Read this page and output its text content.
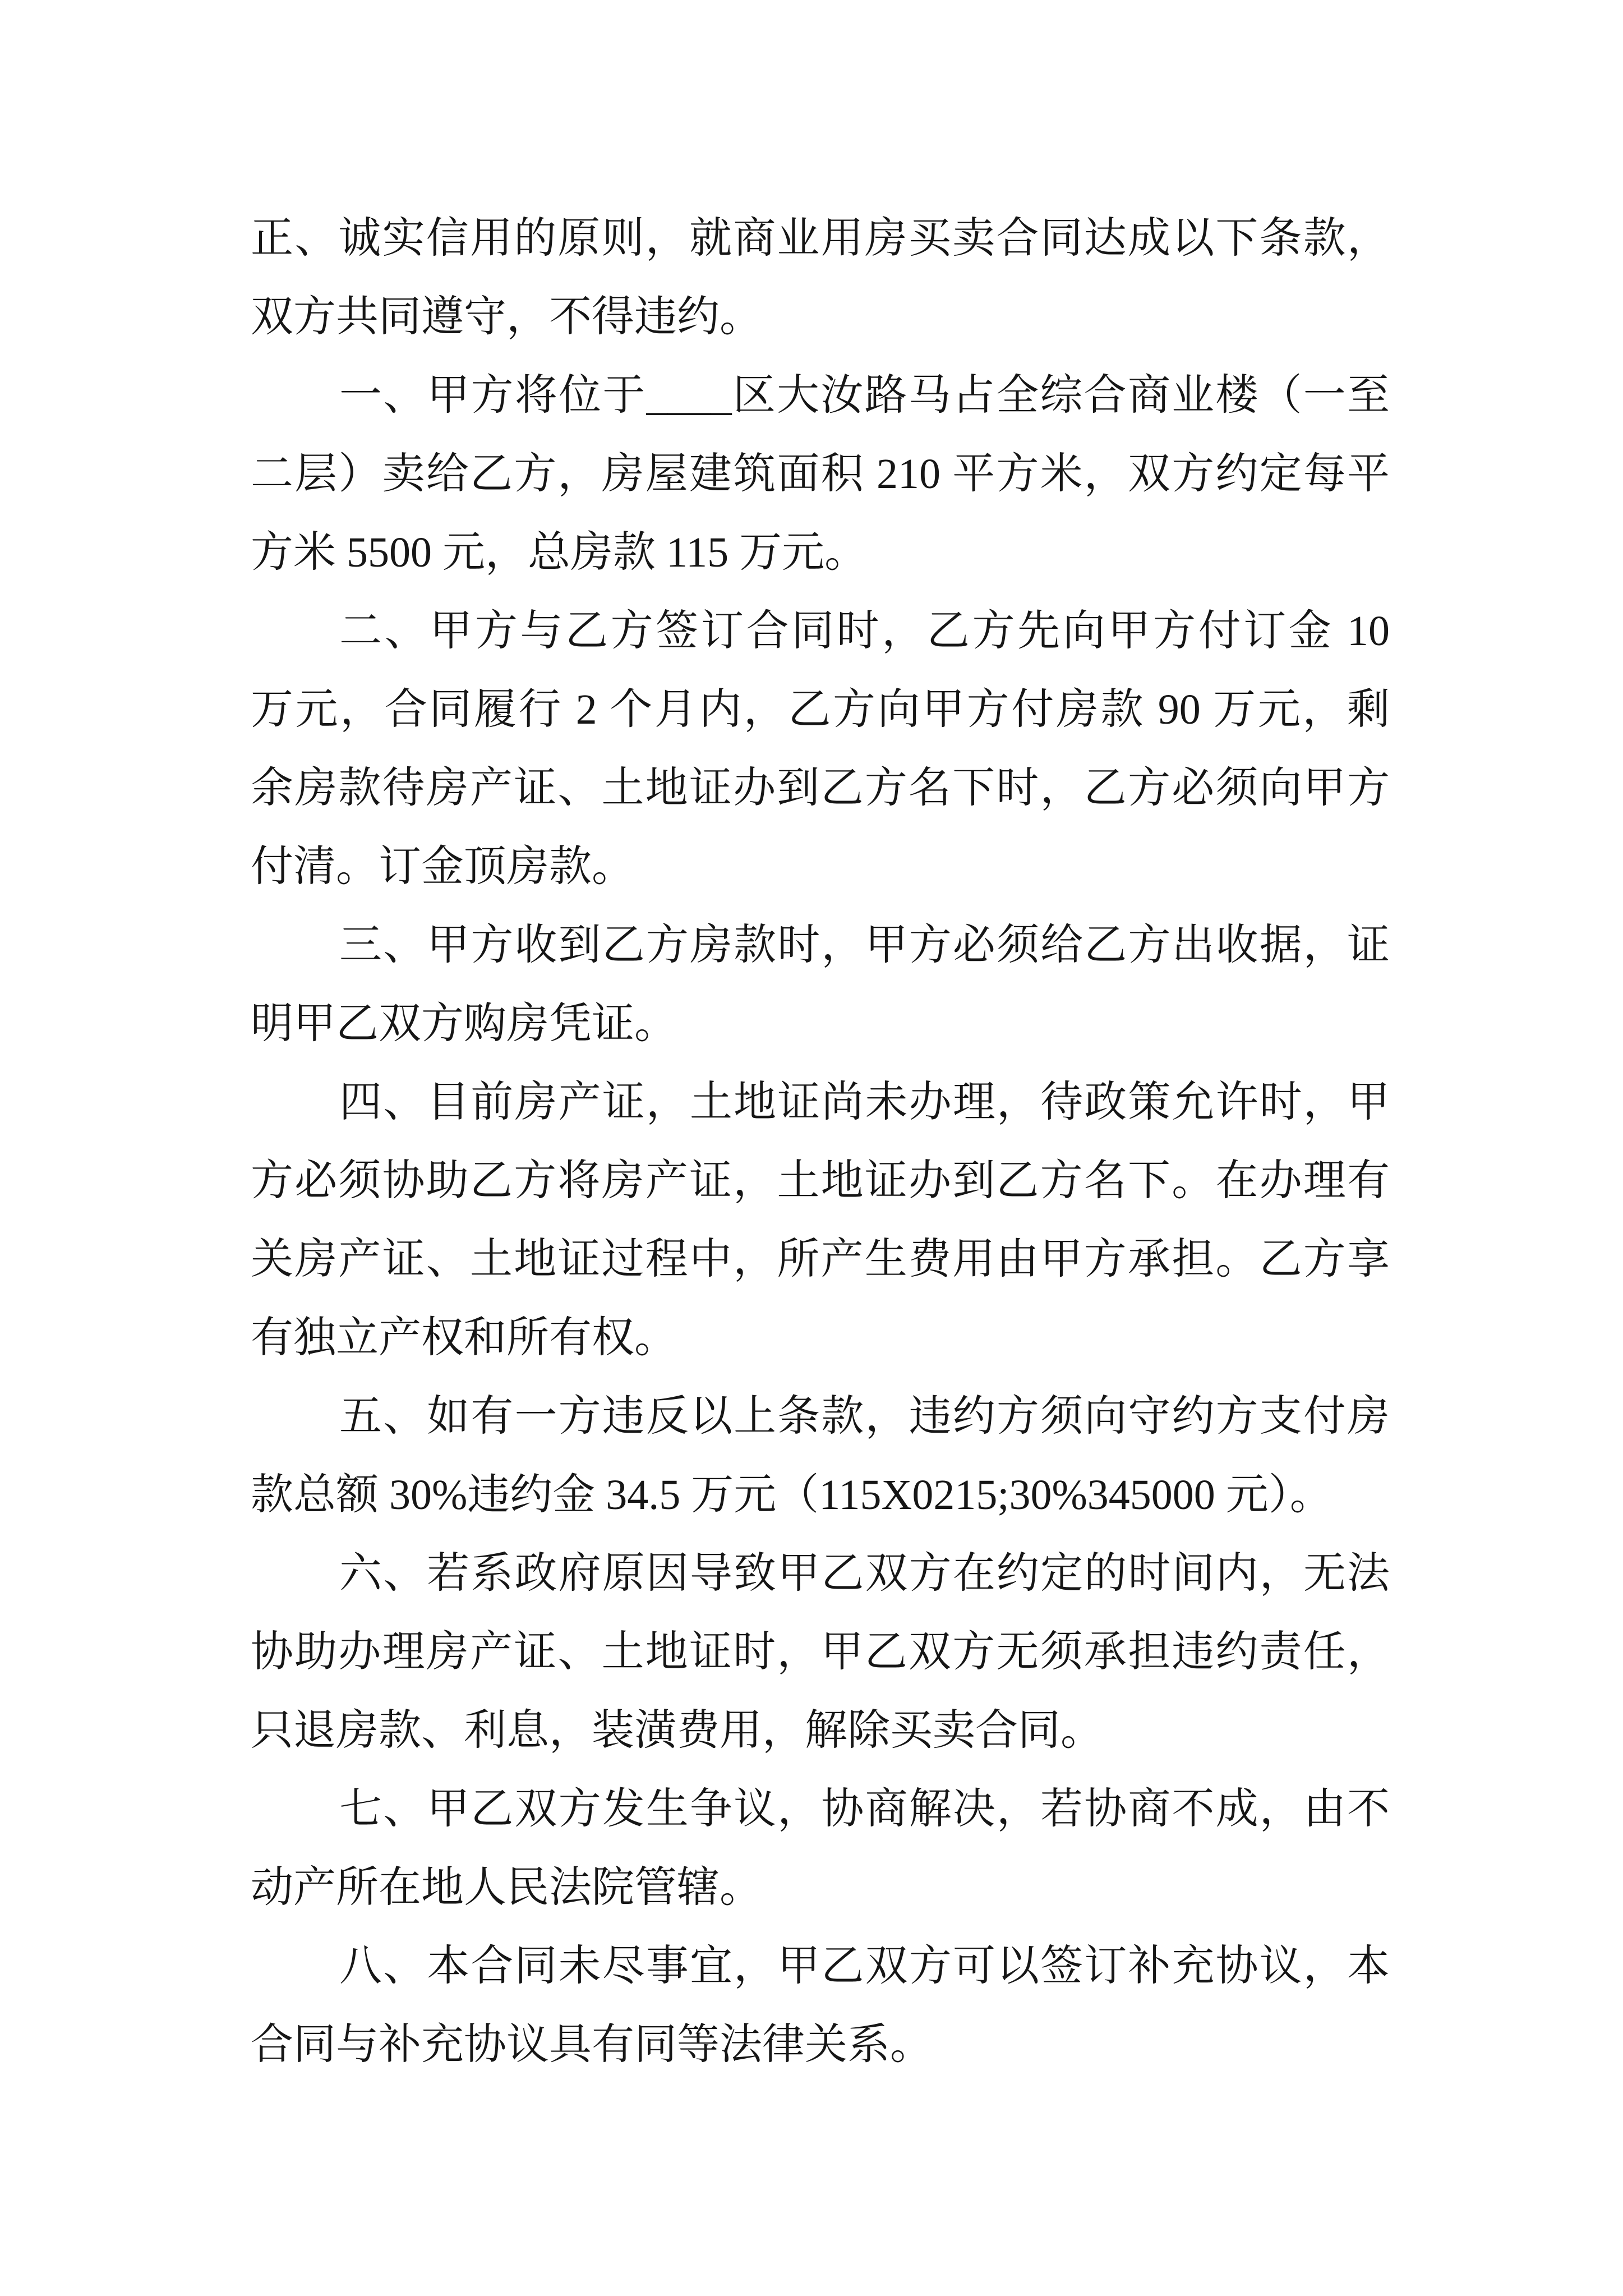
正、诚实信用的原则，就商业用房买卖合同达成以下条款，
双方共同遵守，不得违约。
一、甲方将位于____区大汝路马占全综合商业楼（一至
二层）卖给乙方，房屋建筑面积 210 平方米，双方约定每平
方米 5500 元，总房款 115 万元。
二、甲方与乙方签订合同时，乙方先向甲方付订金 10
万元，合同履行 2 个月内，乙方向甲方付房款 90 万元，剩
余房款待房产证、土地证办到乙方名下时，乙方必须向甲方
付清。订金顶房款。
三、甲方收到乙方房款时，甲方必须给乙方出收据，证
明甲乙双方购房凭证。
四、目前房产证，土地证尚未办理，待政策允许时，甲
方必须协助乙方将房产证，土地证办到乙方名下。在办理有
关房产证、土地证过程中，所产生费用由甲方承担。乙方享
有独立产权和所有权。
五、如有一方违反以上条款，违约方须向守约方支付房
款总额 30%违约金 34.5 万元（115X0215;30%345000 元）。
六、若系政府原因导致甲乙双方在约定的时间内，无法
协助办理房产证、土地证时，甲乙双方无须承担违约责任，
只退房款、利息，装潢费用，解除买卖合同。
七、甲乙双方发生争议，协商解决，若协商不成，由不
动产所在地人民法院管辖。
八、本合同未尽事宜，甲乙双方可以签订补充协议，本
合同与补充协议具有同等法律关系。
